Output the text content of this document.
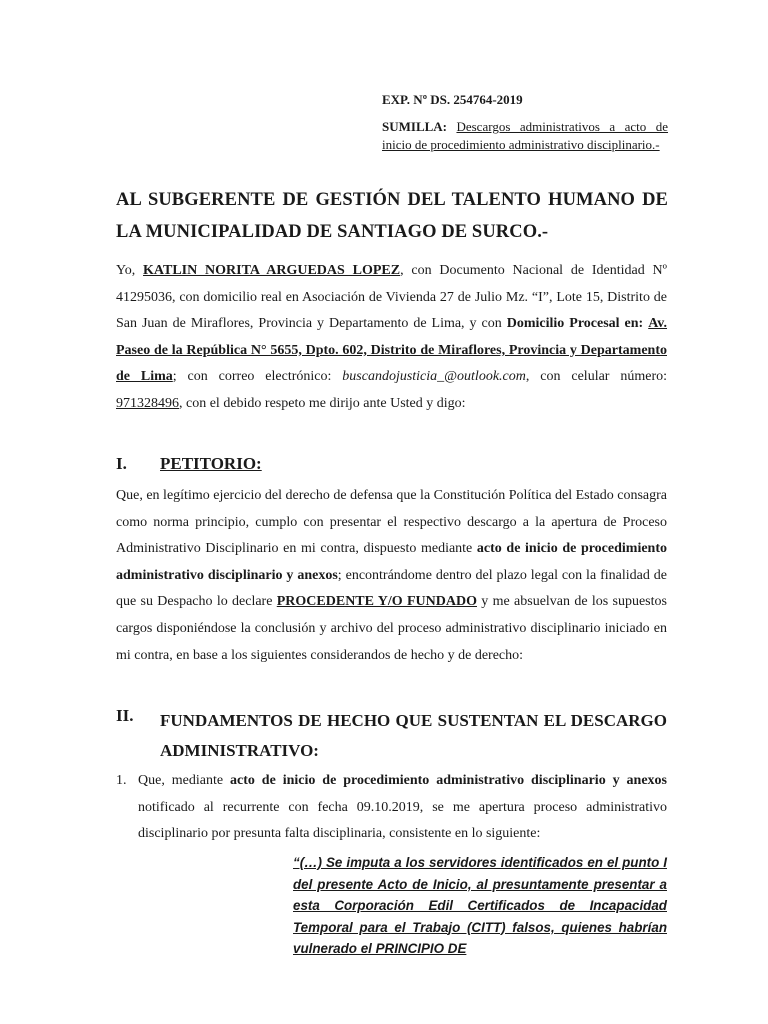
EXP. Nº DS. 254764-2019
SUMILLA: Descargos administrativos a acto de inicio de procedimiento administrativo disciplinario.-
AL SUBGERENTE DE GESTIÓN DEL TALENTO HUMANO DE LA MUNICIPALIDAD DE SANTIAGO DE SURCO.-
Yo, KATLIN NORITA ARGUEDAS LOPEZ, con Documento Nacional de Identidad Nº 41295036, con domicilio real en Asociación de Vivienda 27 de Julio Mz. “I”, Lote 15, Distrito de San Juan de Miraflores, Provincia y Departamento de Lima, y con Domicilio Procesal en: Av. Paseo de la República N° 5655, Dpto. 602, Distrito de Miraflores, Provincia y Departamento de Lima; con correo electrónico: buscandojusticia_@outlook.com, con celular número: 971328496, con el debido respeto me dirijo ante Usted y digo:
I. PETITORIO:
Que, en legítimo ejercicio del derecho de defensa que la Constitución Política del Estado consagra como norma principio, cumplo con presentar el respectivo descargo a la apertura de Proceso Administrativo Disciplinario en mi contra, dispuesto mediante acto de inicio de procedimiento administrativo disciplinario y anexos; encontrándome dentro del plazo legal con la finalidad de que su Despacho lo declare PROCEDENTE Y/O FUNDADO y me absuelvan de los supuestos cargos disponiéndose la conclusión y archivo del proceso administrativo disciplinario iniciado en mi contra, en base a los siguientes considerandos de hecho y de derecho:
II. FUNDAMENTOS DE HECHO QUE SUSTENTAN EL DESCARGO ADMINISTRATIVO:
1. Que, mediante acto de inicio de procedimiento administrativo disciplinario y anexos notificado al recurrente con fecha 09.10.2019, se me apertura proceso administrativo disciplinario por presunta falta disciplinaria, consistente en lo siguiente:
“(…) Se imputa a los servidores identificados en el punto I del presente Acto de Inicio, al presuntamente presentar a esta Corporación Edil Certificados de Incapacidad Temporal para el Trabajo (CITT) falsos, quienes habrían vulnerado el PRINCIPIO DE
